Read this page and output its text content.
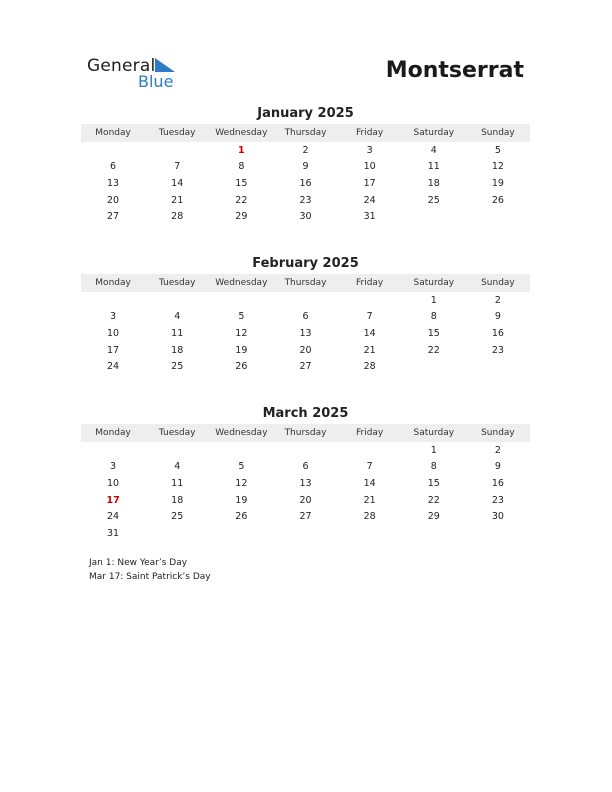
General
Blue	Montserrat
January 2025
Monday	Tuesday	Wednesday	Thursday	Friday	Saturday	Sunday
		1	2	3	4	5
6	7	8	9	10	11	12
13	14	15	16	17	18	19
20	21	22	23	24	25	26
27	28	29	30	31		
February 2025
Monday	Tuesday	Wednesday	Thursday	Friday	Saturday	Sunday
					1	2
3	4	5	6	7	8	9
10	11	12	13	14	15	16
17	18	19	20	21	22	23
24	25	26	27	28		
March 2025
Monday	Tuesday	Wednesday	Thursday	Friday	Saturday	Sunday
					1	2
3	4	5	6	7	8	9
10	11	12	13	14	15	16
17	18	19	20	21	22	23
24	25	26	27	28	29	30
31						
Jan 1: New Year’s Day
Mar 17: Saint Patrick’s Day
